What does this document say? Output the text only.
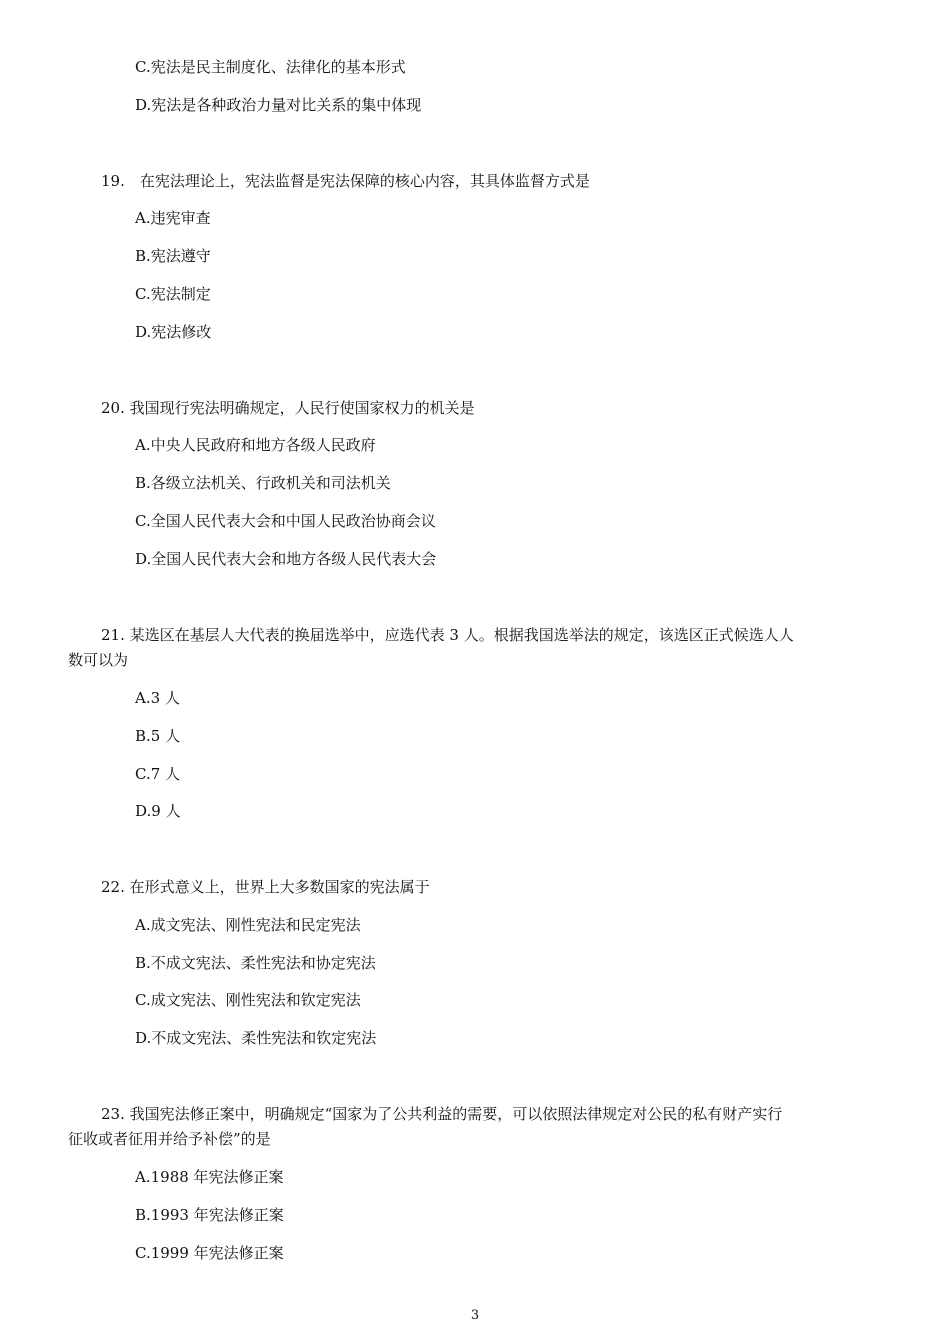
C.宪法是民主制度化、法律化的基本形式
D.宪法是各种政治力量对比关系的集中体现
19.　在宪法理论上，宪法监督是宪法保障的核心内容，其具体监督方式是
A.违宪审查
B.宪法遵守
C.宪法制定
D.宪法修改
20. 我国现行宪法明确规定，人民行使国家权力的机关是
A.中央人民政府和地方各级人民政府
B.各级立法机关、行政机关和司法机关
C.全国人民代表大会和中国人民政治协商会议
D.全国人民代表大会和地方各级人民代表大会
21. 某选区在基层人大代表的换届选举中，应选代表 3 人。根据我国选举法的规定，该选区正式候选人人
数可以为
A.3 人
B.5 人
C.7 人
D.9 人
22. 在形式意义上，世界上大多数国家的宪法属于
A.成文宪法、刚性宪法和民定宪法
B.不成文宪法、柔性宪法和协定宪法
C.成文宪法、刚性宪法和钦定宪法
D.不成文宪法、柔性宪法和钦定宪法
23. 我国宪法修正案中，明确规定“国家为了公共利益的需要，可以依照法律规定对公民的私有财产实行
征收或者征用并给予补偿”的是
A.1988 年宪法修正案
B.1993 年宪法修正案
C.1999 年宪法修正案
3
